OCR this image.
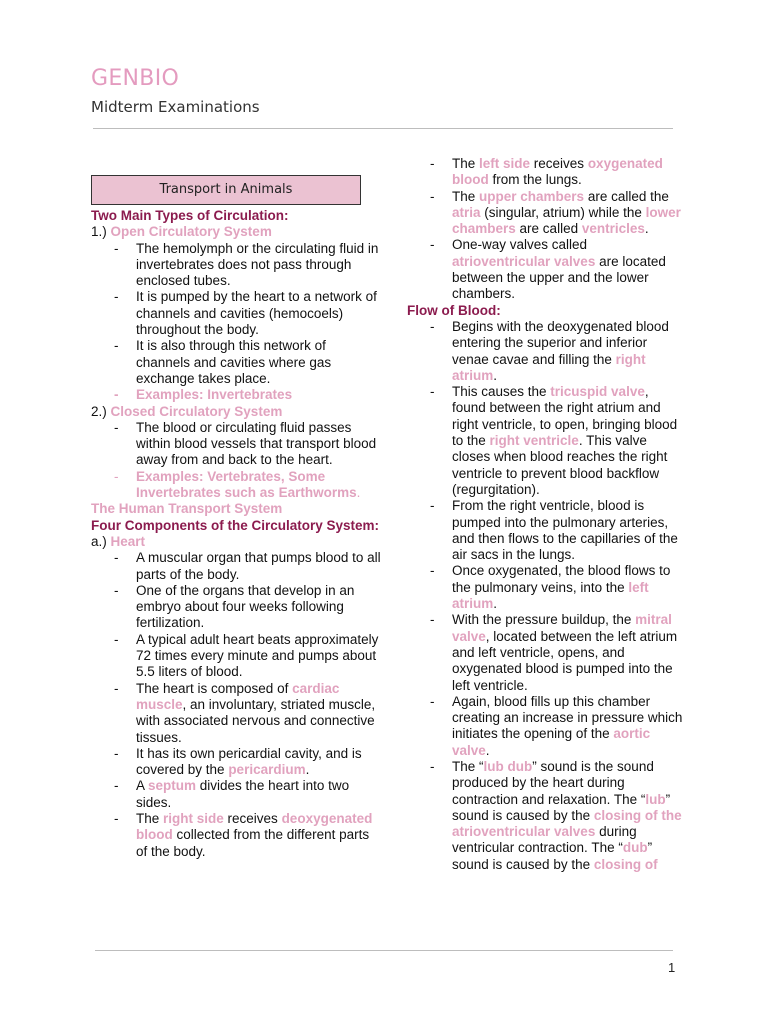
GENBIO

Midterm Examinations

Transport in Animals
Two Main Types of Circulation:
1.) Open Circulatory System
- The hemolymph or the circulating fluid in invertebrates does not pass through enclosed tubes.
- It is pumped by the heart to a network of channels and cavities (hemocoels) throughout the body.
- It is also through this network of channels and cavities where gas exchange takes place.
- Examples: Invertebrates
2.) Closed Circulatory System
- The blood or circulating fluid passes within blood vessels that transport blood away from and back to the heart.
- Examples: Vertebrates, Some Invertebrates such as Earthworms.
The Human Transport System
Four Components of the Circulatory System:
a.) Heart
- A muscular organ that pumps blood to all parts of the body.
- One of the organs that develop in an embryo about four weeks following fertilization.
- A typical adult heart beats approximately 72 times every minute and pumps about 5.5 liters of blood.
- The heart is composed of cardiac muscle, an involuntary, striated muscle, with associated nervous and connective tissues.
- It has its own pericardial cavity, and is covered by the pericardium.
- A septum divides the heart into two sides.
- The right side receives deoxygenated blood collected from the different parts of the body.
- The left side receives oxygenated blood from the lungs.
- The upper chambers are called the atria (singular, atrium) while the lower chambers are called ventricles.
- One-way valves called atrioventricular valves are located between the upper and the lower chambers.
Flow of Blood:
- Begins with the deoxygenated blood entering the superior and inferior venae cavae and filling the right atrium.
- This causes the tricuspid valve, found between the right atrium and right ventricle, to open, bringing blood to the right ventricle. This valve closes when blood reaches the right ventricle to prevent blood backflow (regurgitation).
- From the right ventricle, blood is pumped into the pulmonary arteries, and then flows to the capillaries of the air sacs in the lungs.
- Once oxygenated, the blood flows to the pulmonary veins, into the left atrium.
- With the pressure buildup, the mitral valve, located between the left atrium and left ventricle, opens, and oxygenated blood is pumped into the left ventricle.
- Again, blood fills up this chamber creating an increase in pressure which initiates the opening of the aortic valve.
- The “lub dub” sound is the sound produced by the heart during contraction and relaxation. The “lub” sound is caused by the closing of the atrioventricular valves during ventricular contraction. The “dub” sound is caused by the closing of
1
